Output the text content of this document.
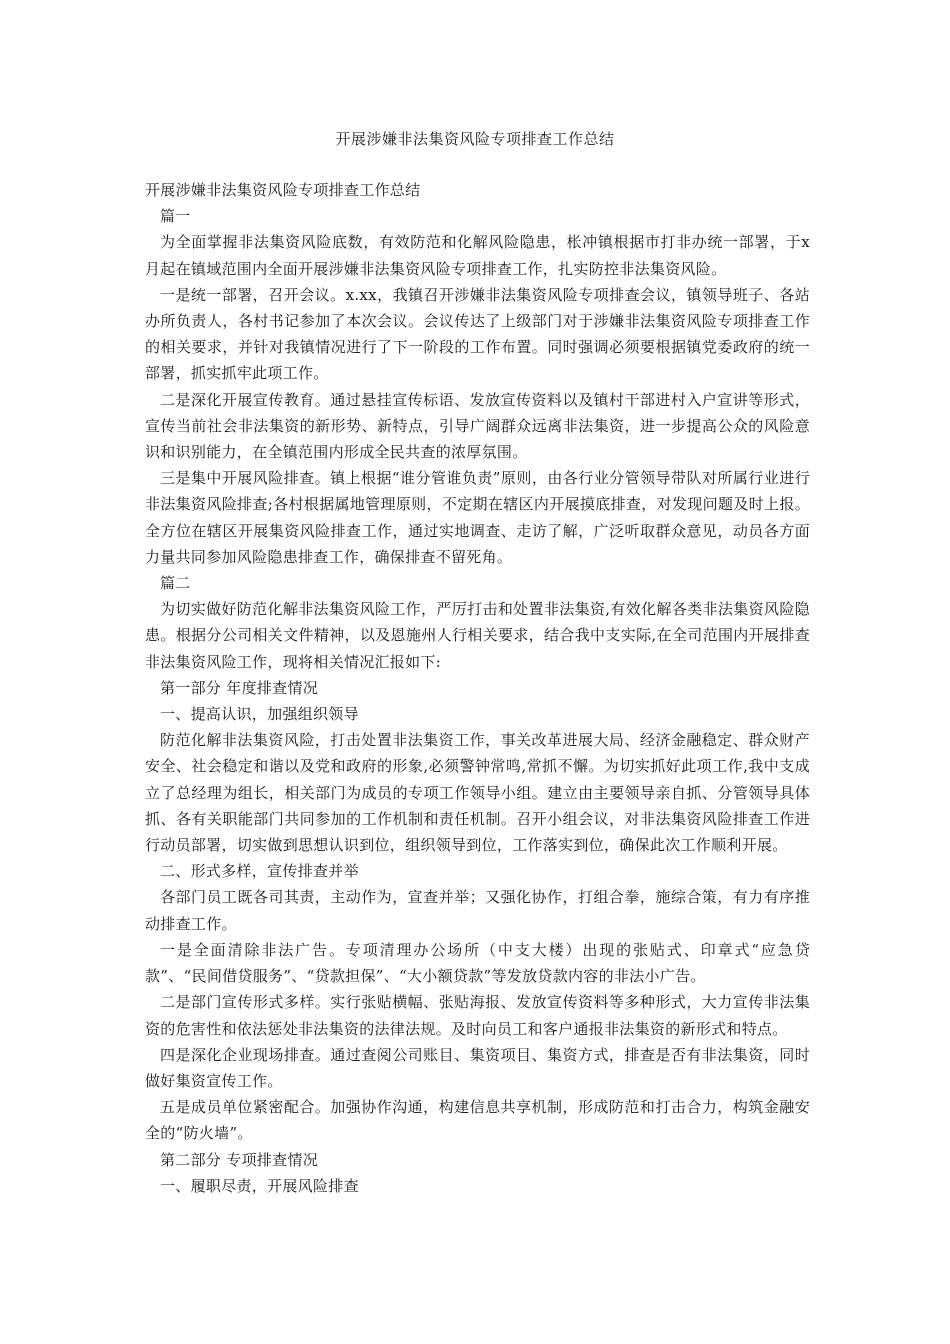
开展涉嫌非法集资风险专项排查工作总结

开展涉嫌非法集资风险专项排查工作总结

篇一

为全面掌握非法集资风险底数，有效防范和化解风险隐患，枨冲镇根据市打非办统一部署，于x月起在镇域范围内全面开展涉嫌非法集资风险专项排查工作，扎实防控非法集资风险。

一是统一部署，召开会议。x.xx，我镇召开涉嫌非法集资风险专项排查会议，镇领导班子、各站办所负责人，各村书记参加了本次会议。会议传达了上级部门对于涉嫌非法集资风险专项排查工作的相关要求，并针对我镇情况进行了下一阶段的工作布置。同时强调必须要根据镇党委政府的统一部署，抓实抓牢此项工作。

二是深化开展宣传教育。通过悬挂宣传标语、发放宣传资料以及镇村干部进村入户宣讲等形式，宣传当前社会非法集资的新形势、新特点，引导广阔群众远离非法集资，进一步提高公众的风险意识和识别能力，在全镇范围内形成全民共查的浓厚氛围。

三是集中开展风险排查。镇上根据“谁分管谁负责”原则，由各行业分管领导带队对所属行业进行非法集资风险排查;各村根据属地管理原则，不定期在辖区内开展摸底排查，对发现问题及时上报。全方位在辖区开展集资风险排查工作，通过实地调查、走访了解，广泛听取群众意见，动员各方面力量共同参加风险隐患排查工作，确保排查不留死角。

篇二

为切实做好防范化解非法集资风险工作，严厉打击和处置非法集资,有效化解各类非法集资风险隐患。根据分公司相关文件精神，以及恩施州人行相关要求，结合我中支实际,在全司范围内开展排查非法集资风险工作，现将相关情况汇报如下:

第一部分 年度排查情况

一、提高认识，加强组织领导

防范化解非法集资风险，打击处置非法集资工作，事关改革进展大局、经济金融稳定、群众财产安全、社会稳定和谐以及党和政府的形象,必须警钟常鸣,常抓不懈。为切实抓好此项工作,我中支成立了总经理为组长，相关部门为成员的专项工作领导小组。建立由主要领导亲自抓、分管领导具体抓、各有关职能部门共同参加的工作机制和责任机制。召开小组会议，对非法集资风险排查工作进行动员部署，切实做到思想认识到位，组织领导到位，工作落实到位，确保此次工作顺利开展。

二、形式多样，宣传排查并举

各部门员工既各司其责，主动作为，宣查并举；又强化协作，打组合拳，施综合策，有力有序推动排查工作。

一是全面清除非法广告。专项清理办公场所（中支大楼）出现的张贴式、印章式“应急贷款”、“民间借贷服务”、“贷款担保”、“大小额贷款”等发放贷款内容的非法小广告。

二是部门宣传形式多样。实行张贴横幅、张贴海报、发放宣传资料等多种形式，大力宣传非法集资的危害性和依法惩处非法集资的法律法规。及时向员工和客户通报非法集资的新形式和特点。

四是深化企业现场排查。通过查阅公司账目、集资项目、集资方式，排查是否有非法集资，同时做好集资宣传工作。

五是成员单位紧密配合。加强协作沟通，构建信息共享机制，形成防范和打击合力，构筑金融安全的“防火墙”。

第二部分 专项排查情况

一、履职尽责，开展风险排查
